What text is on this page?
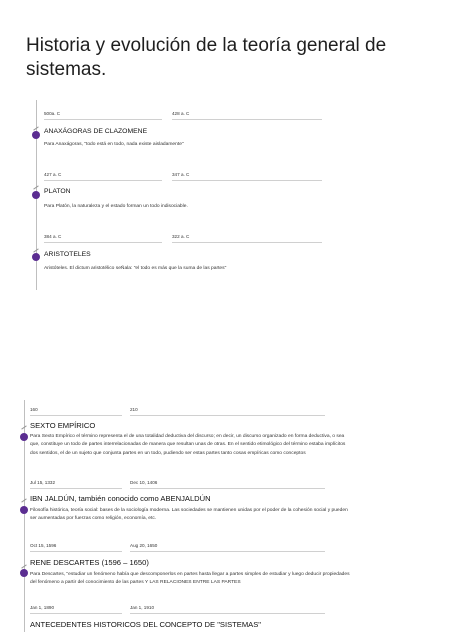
Historia y evolución de la teoría general de sistemas.
500a. C	428 a. C
ANAXÁGORAS DE CLAZOMENE
Para Anaxágoras, "todo está en todo, nada existe aisladamente"
427 a. C	347 a. C
PLATON
Para Platón, la naturaleza y el estado forman un todo indisociable.
384 a. C	322 a. C
ARISTOTELES
Aristóteles. El dictum aristotélico seÑala: "el todo es más que la suma de las partes"
160	210
SEXTO EMPÍRICO
Para Sexto Empírico el término representa el de una totalidad deductiva del discurso; en decir, un discurso organizado en forma deductiva, o sea
que, constituye un todo de partes interrelacionadas de manera que resultan unas de otras. En el sentido etimológico del término estaba implícitos
dos sentidos, el de un sujeto que conjunta partes en un todo, pudiendo ser estas partes tanto cosas empíricas como conceptos
Jul 15, 1332	Dec 10, 1406
IBN JALDÚN, también conocido como ABENJALDÚN
Filosofía histórica, teoría social: bases de la sociología moderna. Las sociedades se mantienen unidas por el poder de la cohesión social y pueden
ser aumentadas por fuerzas como religión, economía, etc.
Oct 15, 1596	Aug 20, 1650
RENE DESCARTES (1596 – 1650)
Para Descartes, "estudiar un fenómeno había que descomponerlos en partes hasta llegar a partes simples de estudiar y luego deducir propiedades
del fenómeno a partir del conocimiento de las partes Y LAS RELACIONES ENTRE LAS PARTES
Jan 1, 1890	Jan 1, 1910
ANTECEDENTES HISTORICOS DEL CONCEPTO DE "SISTEMAS"
